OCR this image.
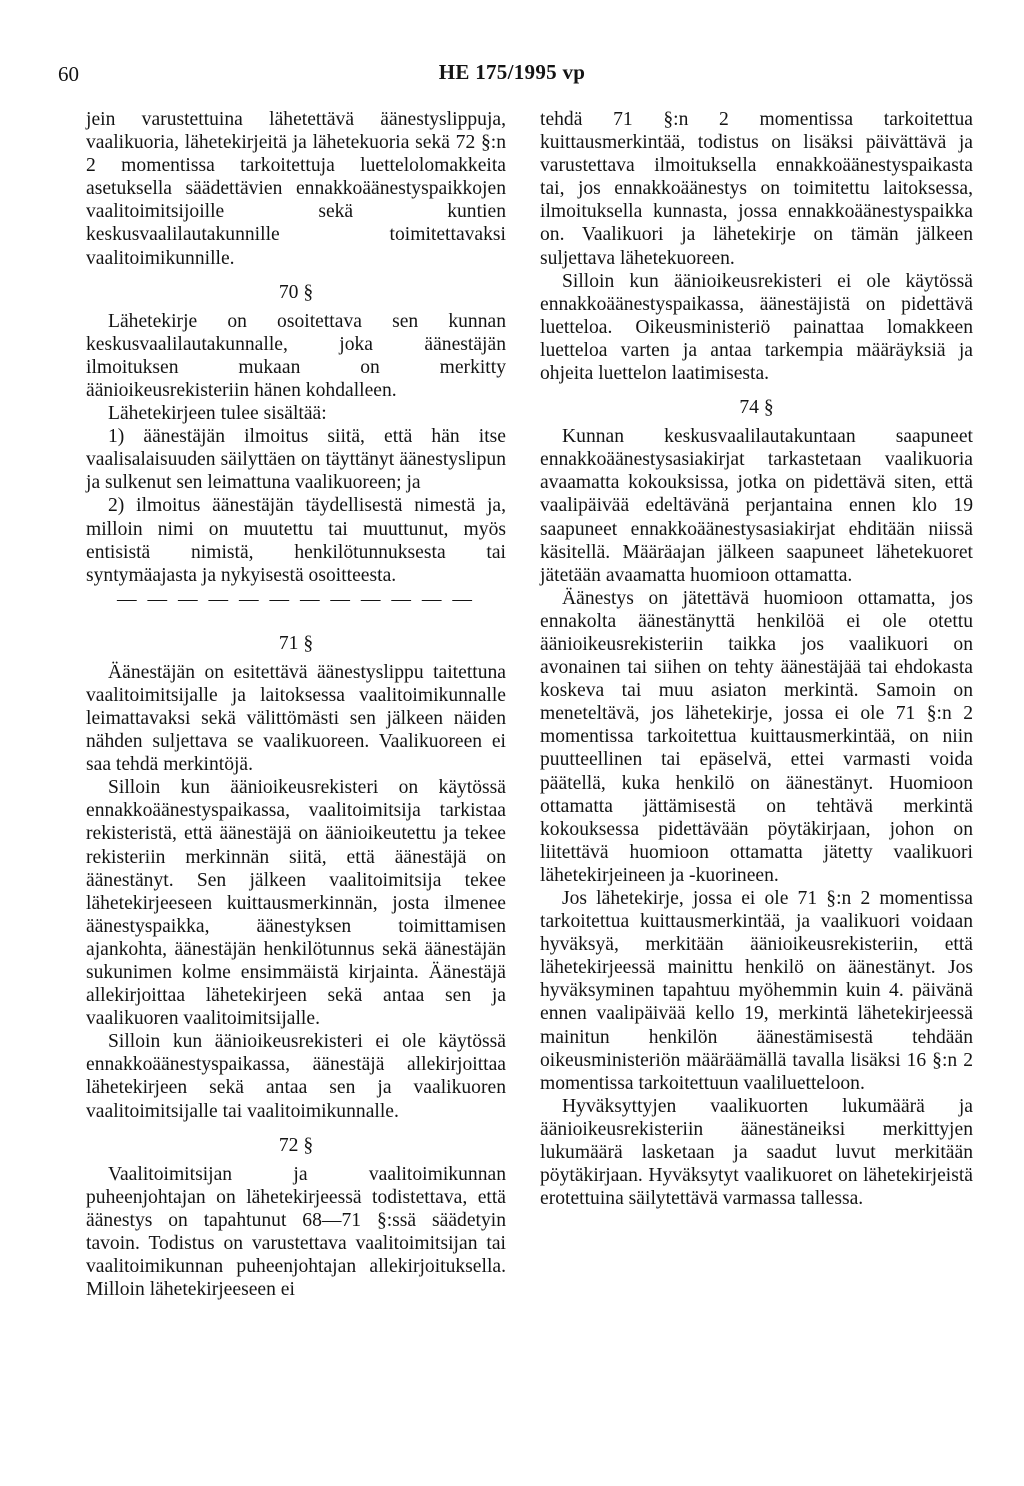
60	HE 175/1995 vp

jein varustettuina lähetettävä äänestyslippuja, vaalikuoria, lähetekirjeitä ja lähetekuoria sekä 72 §:n 2 momentissa tarkoitettuja luettelolomakkeita asetuksella säädettävien ennakkoäänestyspaikkojen vaalitoimitsijoille sekä kuntien keskusvaalilautakunnille toimitettavaksi vaalitoimikunnille.

70 §

Lähetekirje on osoitettava sen kunnan keskusvaalilautakunnalle, joka äänestäjän ilmoituksen mukaan on merkitty äänioikeusrekisteriin hänen kohdalleen.

Lähetekirjeen tulee sisältää:

1) äänestäjän ilmoitus siitä, että hän itse vaalisalaisuuden säilyttäen on täyttänyt äänestyslipun ja sulkenut sen leimattuna vaalikuoreen; ja

2) ilmoitus äänestäjän täydellisestä nimestä ja, milloin nimi on muutettu tai muuttunut, myös entisistä nimistä, henkilötunnuksesta tai syntymäajasta ja nykyisestä osoitteesta.

— — — — — — — — — — — —
71 §

Äänestäjän on esitettävä äänestyslippu taitettuna vaalitoimitsijalle ja laitoksessa vaalitoimikunnalle leimattavaksi sekä välittömästi sen jälkeen näiden nähden suljettava se vaalikuoreen. Vaalikuoreen ei saa tehdä merkintöjä.

Silloin kun äänioikeusrekisteri on käytössä ennakkoäänestyspaikassa, vaalitoimitsija tarkistaa rekisteristä, että äänestäjä on äänioikeutettu ja tekee rekisteriin merkinnän siitä, että äänestäjä on äänestänyt. Sen jälkeen vaalitoimitsija tekee lähetekirjeeseen kuittausmerkinnän, josta ilmenee äänestyspaikka, äänestyksen toimittamisen ajankohta, äänestäjän henkilötunnus sekä äänestäjän sukunimen kolme ensimmäistä kirjainta. Äänestäjä allekirjoittaa lähetekirjeen sekä antaa sen ja vaalikuoren vaalitoimitsijalle.

Silloin kun äänioikeusrekisteri ei ole käytössä ennakkoäänestyspaikassa, äänestäjä allekirjoittaa lähetekirjeen sekä antaa sen ja vaalikuoren vaalitoimitsijalle tai vaalitoimikunnalle.

72 §

Vaalitoimitsijan ja vaalitoimikunnan puheenjohtajan on lähetekirjeessä todistettava, että äänestys on tapahtunut 68—71 §:ssä säädetyin tavoin. Todistus on varustettava vaalitoimitsijan tai vaalitoimikunnan puheenjohtajan allekirjoituksella. Milloin lähetekirjeeseen ei

tehdä 71 §:n 2 momentissa tarkoitettua kuittausmerkintää, todistus on lisäksi päivättävä ja varustettava ilmoituksella ennakkoäänestyspaikasta tai, jos ennakkoäänestys on toimitettu laitoksessa, ilmoituksella kunnasta, jossa ennakkoäänestyspaikka on. Vaalikuori ja lähetekirje on tämän jälkeen suljettava lähetekuoreen.

Silloin kun äänioikeusrekisteri ei ole käytössä ennakkoäänestyspaikassa, äänestäjistä on pidettävä luetteloa. Oikeusministeriö painattaa lomakkeen luetteloa varten ja antaa tarkempia määräyksiä ja ohjeita luettelon laatimisesta.

74 §

Kunnan keskusvaalilautakuntaan saapuneet ennakkoäänestysasiakirjat tarkastetaan vaalikuoria avaamatta kokouksissa, jotka on pidettävä siten, että vaalipäivää edeltävänä perjantaina ennen klo 19 saapuneet ennakkoäänestysasiakirjat ehditään niissä käsitellä. Määräajan jälkeen saapuneet lähetekuoret jätetään avaamatta huomioon ottamatta.

Äänestys on jätettävä huomioon ottamatta, jos ennakolta äänestänyttä henkilöä ei ole otettu äänioikeusrekisteriin taikka jos vaalikuori on avonainen tai siihen on tehty äänestäjää tai ehdokasta koskeva tai muu asiaton merkintä. Samoin on meneteltävä, jos lähetekirje, jossa ei ole 71 §:n 2 momentissa tarkoitettua kuittausmerkintää, on niin puutteellinen tai epäselvä, ettei varmasti voida päätellä, kuka henkilö on äänestänyt. Huomioon ottamatta jättämisestä on tehtävä merkintä kokouksessa pidettävään pöytäkirjaan, johon on liitettävä huomioon ottamatta jätetty vaalikuori lähetekirjeineen ja -kuorineen.

Jos lähetekirje, jossa ei ole 71 §:n 2 momentissa tarkoitettua kuittausmerkintää, ja vaalikuori voidaan hyväksyä, merkitään äänioikeusrekisteriin, että lähetekirjeessä mainittu henkilö on äänestänyt. Jos hyväksyminen tapahtuu myöhemmin kuin 4. päivänä ennen vaalipäivää kello 19, merkintä lähetekirjeessä mainitun henkilön äänestämisestä tehdään oikeusministeriön määräämällä tavalla lisäksi 16 §:n 2 momentissa tarkoitettuun vaaliluetteloon.

Hyväksyttyjen vaalikuorten lukumäärä ja äänioikeusrekisteriin äänestäneiksi merkittyjen lukumäärä lasketaan ja saadut luvut merkitään pöytäkirjaan. Hyväksytyt vaalikuoret on lähetekirjeistä erotettuina säilytettävä varmassa tallessa.
